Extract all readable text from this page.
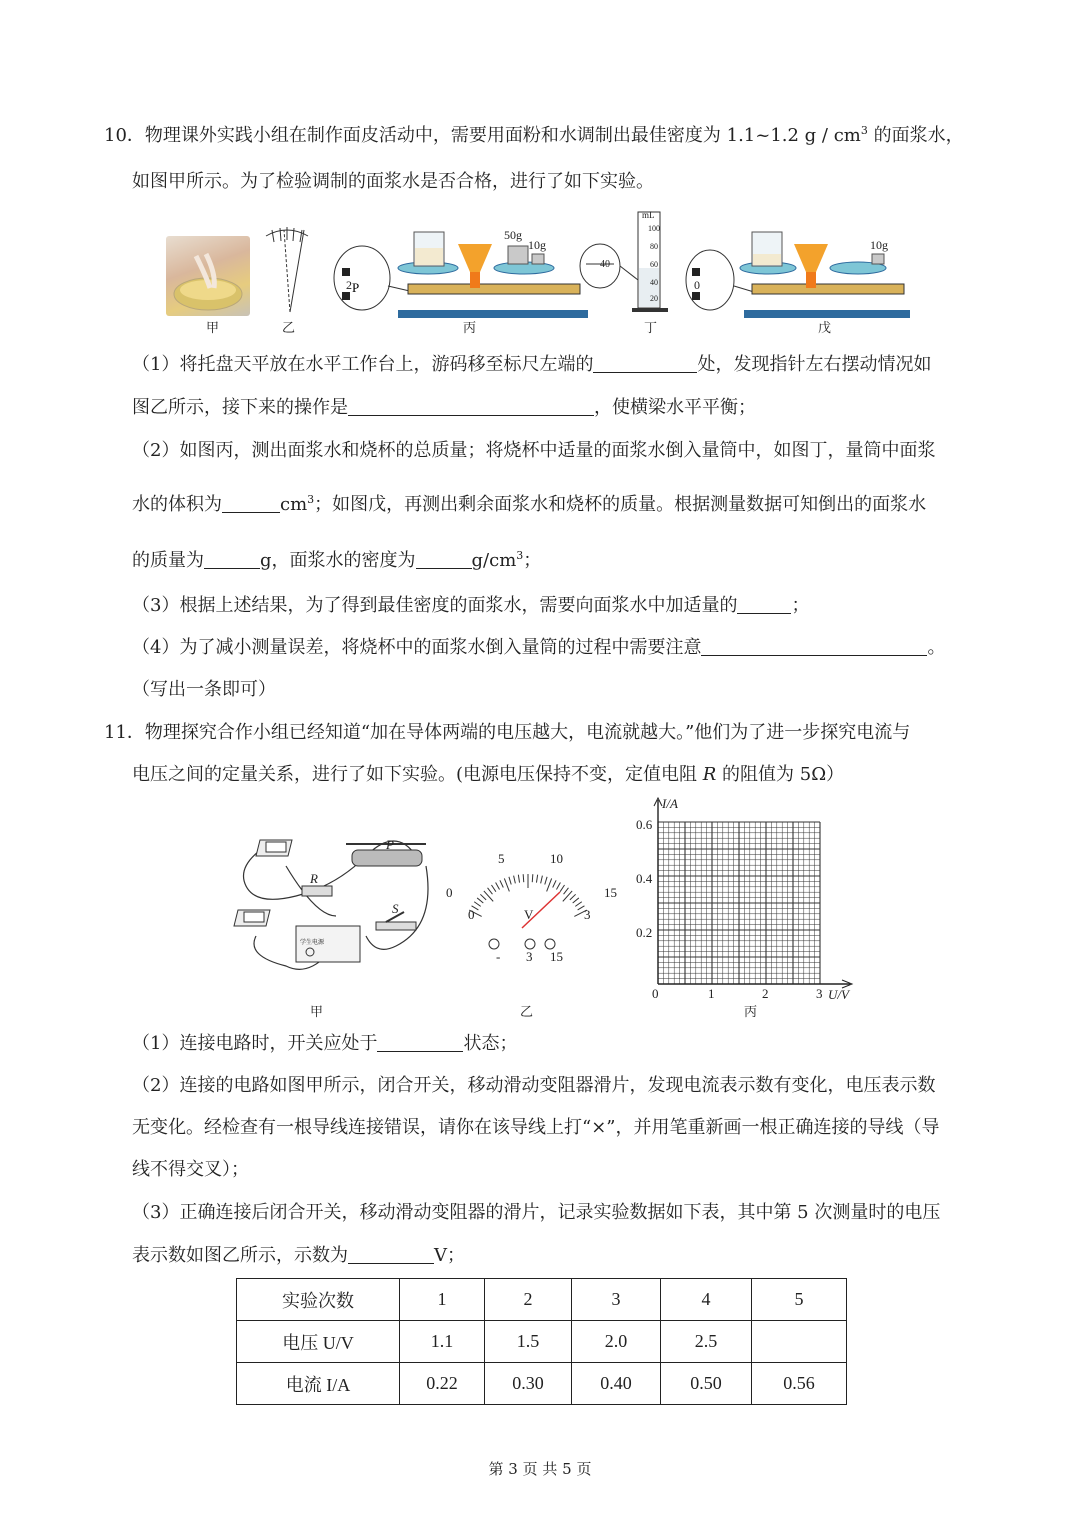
10．物理课外实践小组在制作面皮活动中，需要用面粉和水调制出最佳密度为 1.1~1.2 g / $cm^3$ 的面浆水，
如图甲所示。为了检验调制的面浆水是否合格，进行了如下实验。
P
50g
10g
2
mL
100
80
60
40
20
40
10g
0
甲	乙	丙	丁	戊
（1）将托盘天平放在水平工作台上，游码移至标尺左端的	处，发现指针左右摆动情况如
图乙所示，接下来的操作是	，使横梁水平平衡；
（2）如图丙，测出面浆水和烧杯的总质量；将烧杯中适量的面浆水倒入量筒中，如图丁，量筒中面浆
水的体积为	$cm^3$；如图戊，再测出剩余面浆水和烧杯的质量。根据测量数据可知倒出的面浆水
的质量为	g，面浆水的密度为	$g/cm^3$；
（3）根据上述结果，为了得到最佳密度的面浆水，需要向面浆水中加适量的	；
（4）为了减小测量误差，将烧杯中的面浆水倒入量筒的过程中需要注意	。
（写出一条即可）
11．物理探究合作小组已经知道“加在导体两端的电压越大，电流就越大。”他们为了进一步探究电流与
电压之间的定量关系，进行了如下实验。(电源电压保持不变，定值电阻 R 的阻值为 5Ω）
P
R
S
学生电源
0
5	10
15
0	3
V
- 3 15
I/A
U/V
0.6
0.4
0.2
0	1	2	3
甲	乙	丙
（1）连接电路时，开关应处于	状态；
（2）连接的电路如图甲所示，闭合开关，移动滑动变阻器滑片，发现电流表示数有变化，电压表示数
无变化。经检查有一根导线连接错误，请你在该导线上打“×”，并用笔重新画一根正确连接的导线（导
线不得交叉）；
（3）正确连接后闭合开关，移动滑动变阻器的滑片，记录实验数据如下表，其中第 5 次测量时的电压
表示数如图乙所示，示数为	V；
实验次数	1	2	3	4	5
电压 U/V	1.1	1.5	2.0	2.5	
电流 I/A	0.22	0.30	0.40	0.50	0.56
第 3 页 共 5 页
